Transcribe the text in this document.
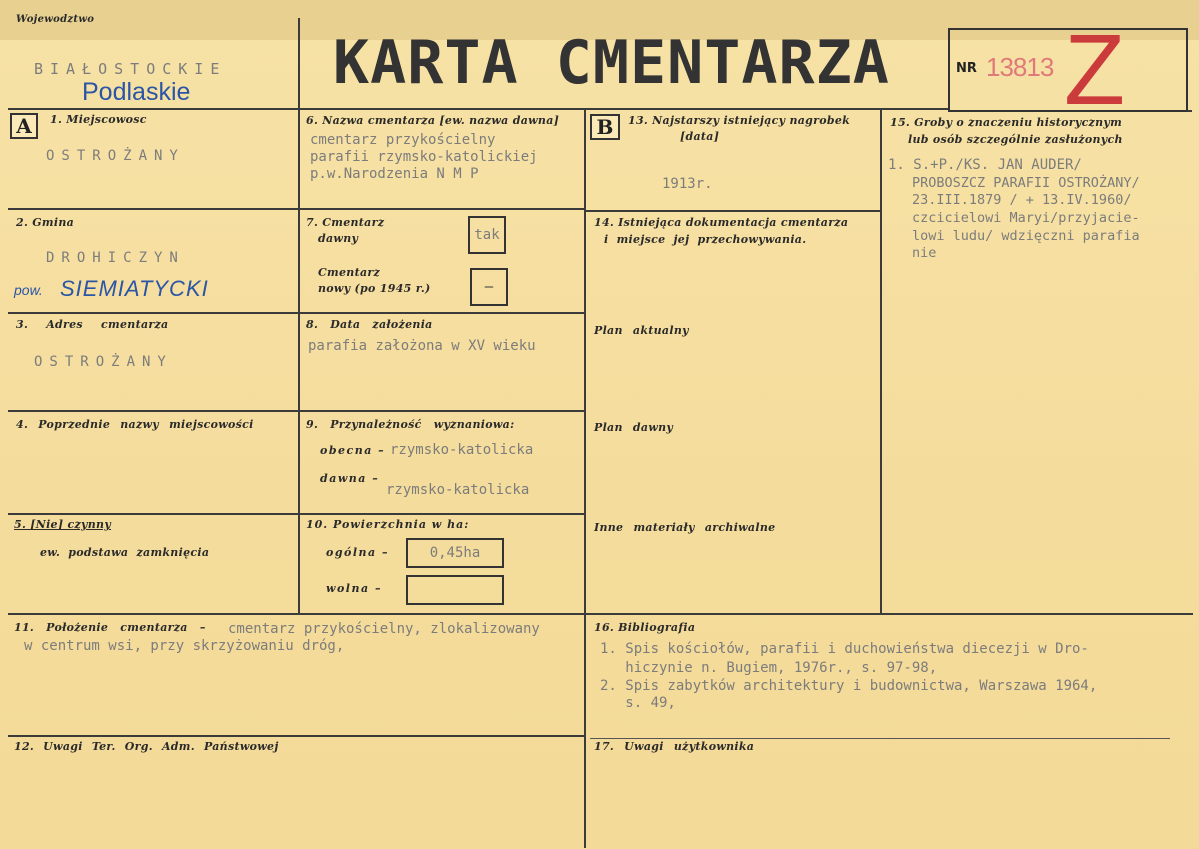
Wojewodztwo
BIAŁOSTOCKIE
Podlaskie KARTA CMENTARZA	NR 13813 Z
A	B
1. Miejscowosc
OSTROŻANY
2. Gmina
DROHICZYN
pow. SIEMIATYCKI
3. Adres cmentarza
OSTROŻANY
4. Poprzednie nazwy miejscowości
5. [Nie] czynny
ew. podstawa zamknięcia
6. Nazwa cmentarza [ew. nazwa dawna]
cmentarz przykościelny
parafii rzymsko-katolickiej
p.w.Narodzenia N M P
7. Cmentarz
dawny	tak
Cmentarz
nowy (po 1945 r.)	–
8. Data założenia
parafia założona w XV wieku
9. Przynależność wyznaniowa:
obecna – rzymsko-katolicka
dawna –
rzymsko-katolicka
10. Powierzchnia w ha:
ogólna –	0,45ha
wolna –
11. Położenie cmentarza – cmentarz przykościelny, zlokalizowany
w centrum wsi, przy skrzyżowaniu dróg,
12. Uwagi Ter. Org. Adm. Państwowej
13. Najstarszy istniejący nagrobek
[data]
1913r.
14. Istniejąca dokumentacja cmentarza
i miejsce jej przechowywania.
Plan aktualny
Plan dawny
Inne materiały archiwalne
15. Groby o znaczeniu historycznym
lub osób szczególnie zasłużonych
1. S.+P./KS. JAN AUDER/
PROBOSZCZ PARAFII OSTROŻANY/
23.III.1879 / + 13.IV.1960/
czcicielowi Maryi/przyjacie-
lowi ludu/ wdzięczni parafia
nie
16. Bibliografia
1. Spis kościołów, parafii i duchowieństwa diecezji w Dro-
hiczynie n. Bugiem, 1976r., s. 97-98,
2. Spis zabytków architektury i budownictwa, Warszawa 1964,
s. 49,
17. Uwagi użytkownika
